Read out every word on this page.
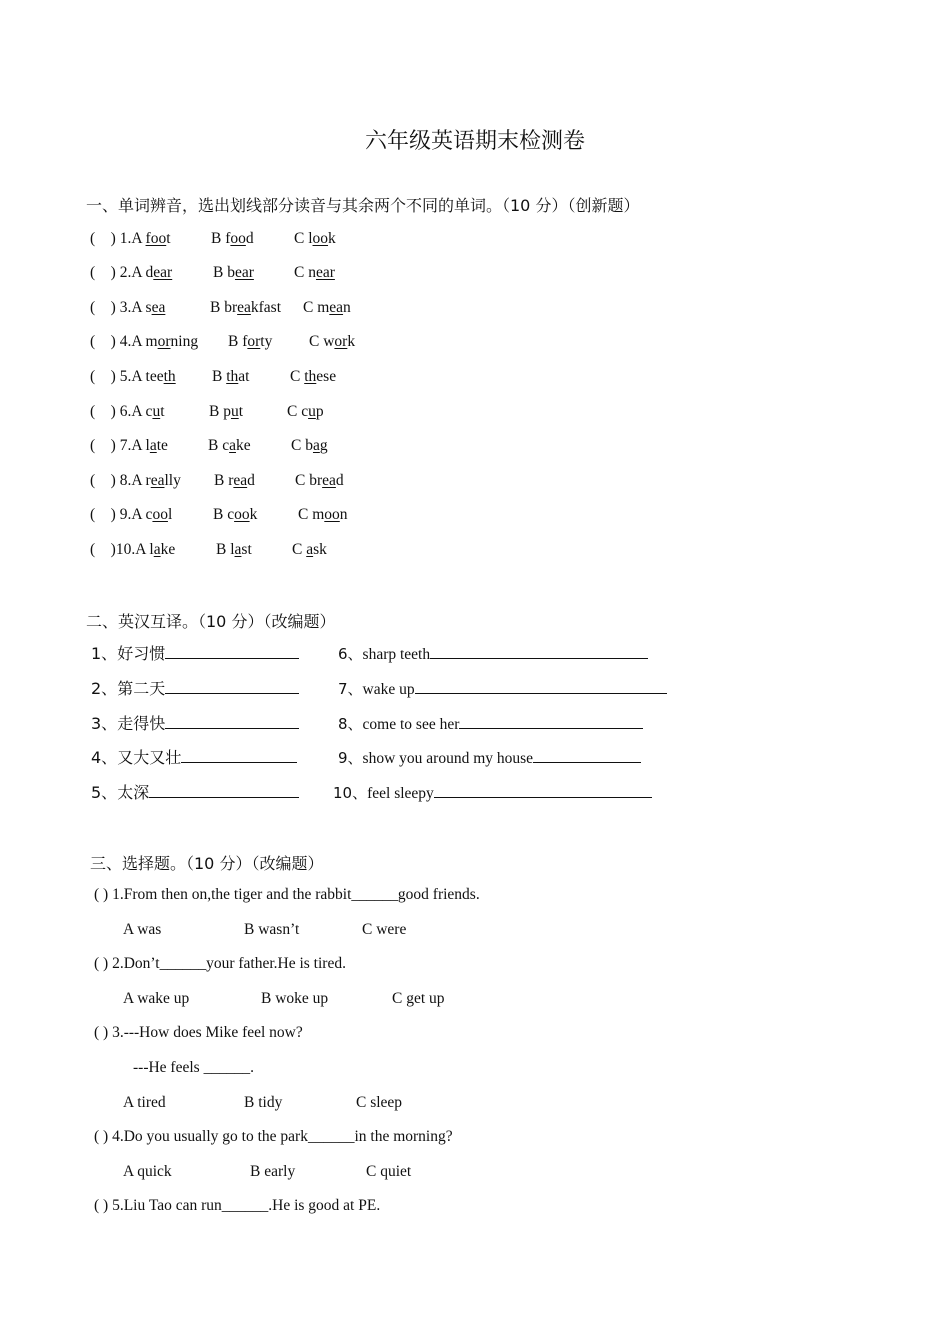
六年级英语期末检测卷
一、单词辨音，选出划线部分读音与其余两个不同的单词。（10 分）（创新题）
(    ) 1.A foot	B food	C look
(    ) 2.A dear	B bear	C near
(    ) 3.A sea	B breakfast C mean
(    ) 4.A morning B forty C work
(    ) 5.A teeth B that	C these
(    ) 6.A cut	B put	C cup
(    ) 7.A late	B cake	C bag
(    ) 8.A really B read	C bread
(    ) 9.A cool	B cook	C moon
(    )10.A lake	B last	C ask
二、英汉互译。（10 分）（改编题）
1、好习惯
2、第二天
3、走得快
4、又大又壮
5、太深
6、sharp teeth
7、wake up
8、come to see her
9、show you around my house
10、feel sleepy
三、选择题。（10 分）（改编题）
( ) 1.From then on,the tiger and the rabbit______good friends.
A was	B wasn’t	C were
( ) 2.Don’t______your father.He is tired.
A wake up	B woke up	C get up
( ) 3.---How does Mike feel now?
---He feels ______.
A tired	B tidy	C sleep
( ) 4.Do you usually go to the park______in the morning?
A quick	B early	C quiet
( ) 5.Liu Tao can run______.He is good at PE.
